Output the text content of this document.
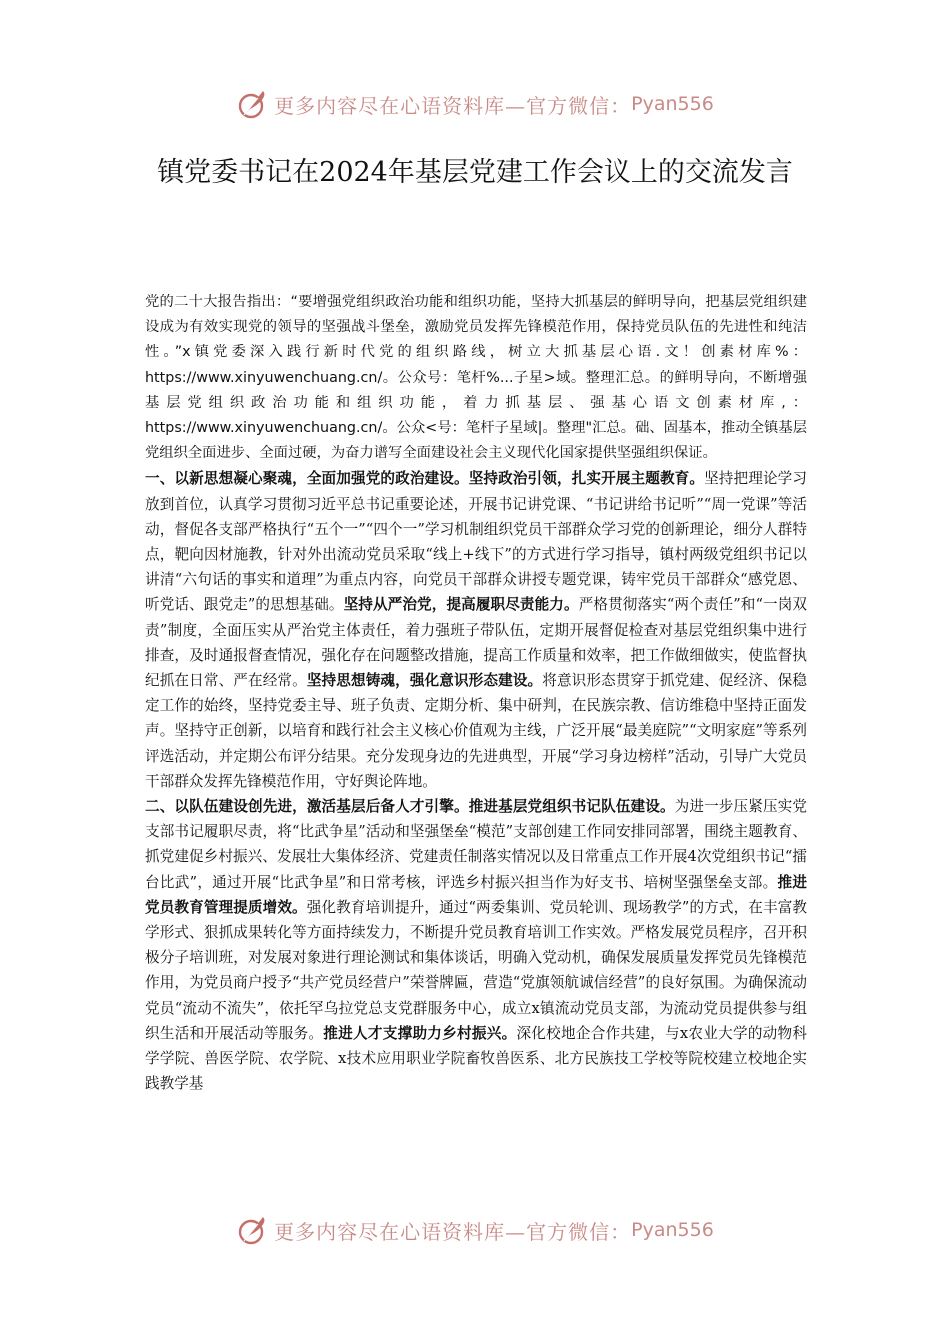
更多内容尽在心语资料库—官方微信： Pyan556
镇党委书记在2024年基层党建工作会议上的交流发言

党的二十大报告指出：“要增强党组织政治功能和组织功能，坚持大抓基层的鲜明导向，把基层党组织建设成为有效实现党的领导的坚强战斗堡垒，激励党员发挥先锋模范作用，保持党员队伍的先进性和纯洁性。”x镇党委深入践行新时代党的组织路线，树立大抓基层心语.文！创素材库%：https://www.xinyuwenchuang.cn/。公众号：笔杆%...子星>域。整理汇总。的鲜明导向，不断增强基层党组织政治功能和组织功能，着力抓基层、强基心语文创素材库,：https://www.xinyuwenchuang.cn/。公众<号：笔杆子星域|。整理"汇总。础、固基本，推动全镇基层党组织全面进步、全面过硬，为奋力谱写全面建设社会主义现代化国家提供坚强组织保证。

一、以新思想凝心聚魂，全面加强党的政治建设。坚持政治引领，扎实开展主题教育。坚持把理论学习放到首位，认真学习贯彻习近平总书记重要论述，开展书记讲党课、“书记讲给书记听”“周一党课”等活动，督促各支部严格执行“五个一”“四个一”学习机制组织党员干部群众学习党的创新理论，细分人群特点，靶向因材施教，针对外出流动党员采取“线上+线下”的方式进行学习指导，镇村两级党组织书记以讲清“六句话的事实和道理”为重点内容，向党员干部群众讲授专题党课，铸牢党员干部群众“感党恩、听党话、跟党走”的思想基础。坚持从严治党，提高履职尽责能力。严格贯彻落实“两个责任”和“一岗双责”制度，全面压实从严治党主体责任，着力强班子带队伍，定期开展督促检查对基层党组织集中进行排查，及时通报督查情况，强化存在问题整改措施，提高工作质量和效率，把工作做细做实，使监督执纪抓在日常、严在经常。坚持思想铸魂，强化意识形态建设。将意识形态贯穿于抓党建、促经济、保稳定工作的始终，坚持党委主导、班子负责、定期分析、集中研判，在民族宗教、信访维稳中坚持正面发声。坚持守正创新，以培育和践行社会主义核心价值观为主线，广泛开展“最美庭院”“文明家庭”等系列评选活动，并定期公布评分结果。充分发现身边的先进典型，开展“学习身边榜样”活动，引导广大党员干部群众发挥先锋模范作用，守好舆论阵地。

二、以队伍建设创先进，激活基层后备人才引擎。推进基层党组织书记队伍建设。为进一步压紧压实党支部书记履职尽责，将“比武争星”活动和坚强堡垒“模范”支部创建工作同安排同部署，围绕主题教育、抓党建促乡村振兴、发展壮大集体经济、党建责任制落实情况以及日常重点工作开展4次党组织书记“擂台比武”，通过开展“比武争星”和日常考核，评选乡村振兴担当作为好支书、培树坚强堡垒支部。推进党员教育管理提质增效。强化教育培训提升，通过“两委集训、党员轮训、现场教学”的方式，在丰富教学形式、狠抓成果转化等方面持续发力，不断提升党员教育培训工作实效。严格发展党员程序，召开积极分子培训班，对发展对象进行理论测试和集体谈话，明确入党动机，确保发展质量发挥党员先锋模范作用，为党员商户授予“共产党员经营户”荣誉牌匾，营造“党旗领航诚信经营”的良好氛围。为确保流动党员“流动不流失”，依托罕乌拉党总支党群服务中心，成立x镇流动党员支部，为流动党员提供参与组织生活和开展活动等服务。推进人才支撑助力乡村振兴。深化校地企合作共建，与x农业大学的动物科学学院、兽医学院、农学院、x技术应用职业学院畜牧兽医系、北方民族技工学校等院校建立校地企实践教学基

更多内容尽在心语资料库—官方微信： Pyan556
